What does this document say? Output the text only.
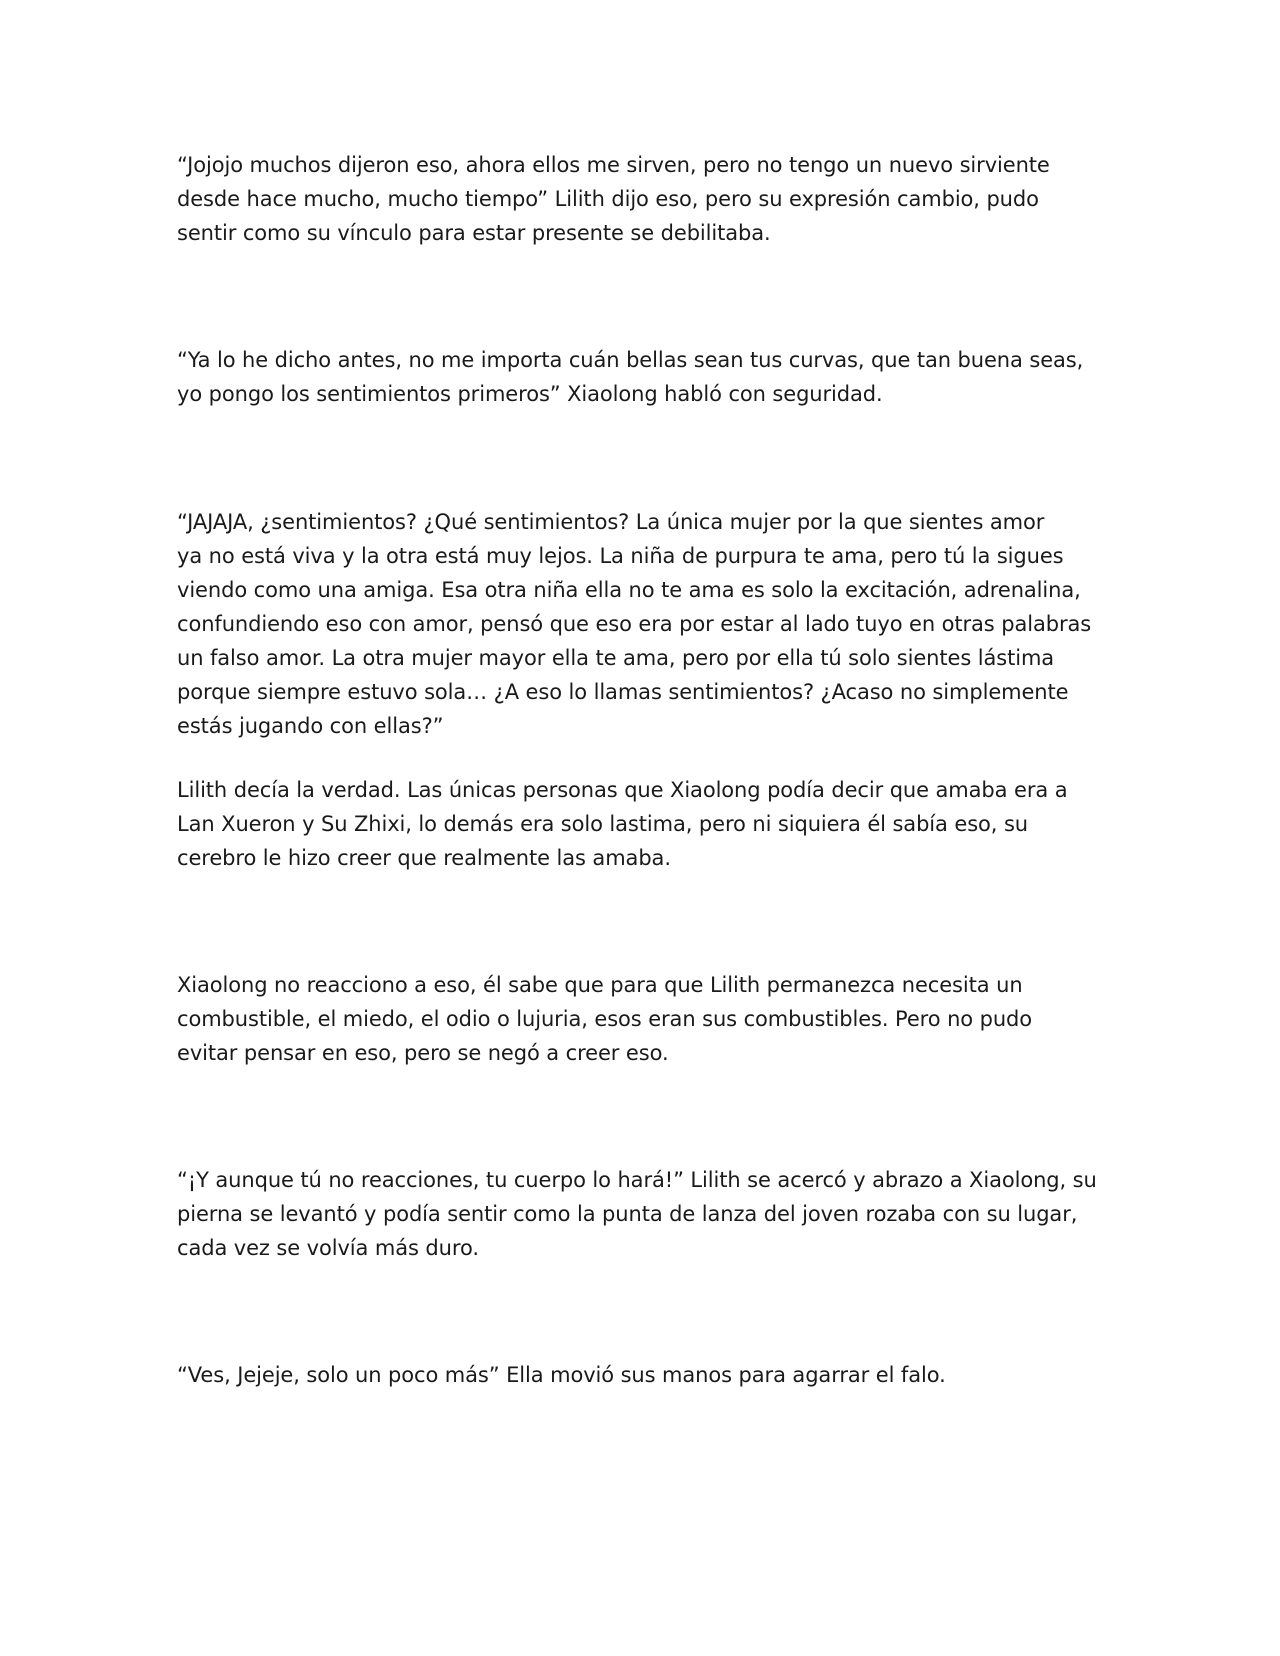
“Jojojo muchos dijeron eso, ahora ellos me sirven, pero no tengo un nuevo sirviente
desde hace mucho, mucho tiempo” Lilith dijo eso, pero su expresión cambio, pudo
sentir como su vínculo para estar presente se debilitaba.

“Ya lo he dicho antes, no me importa cuán bellas sean tus curvas, que tan buena seas,
yo pongo los sentimientos primeros” Xiaolong habló con seguridad.

“JAJAJA, ¿sentimientos? ¿Qué sentimientos? La única mujer por la que sientes amor
ya no está viva y la otra está muy lejos. La niña de purpura te ama, pero tú la sigues
viendo como una amiga. Esa otra niña ella no te ama es solo la excitación, adrenalina,
confundiendo eso con amor, pensó que eso era por estar al lado tuyo en otras palabras
un falso amor. La otra mujer mayor ella te ama, pero por ella tú solo sientes lástima
porque siempre estuvo sola… ¿A eso lo llamas sentimientos? ¿Acaso no simplemente
estás jugando con ellas?”

Lilith decía la verdad. Las únicas personas que Xiaolong podía decir que amaba era a
Lan Xueron y Su Zhixi, lo demás era solo lastima, pero ni siquiera él sabía eso, su
cerebro le hizo creer que realmente las amaba.

Xiaolong no reacciono a eso, él sabe que para que Lilith permanezca necesita un
combustible, el miedo, el odio o lujuria, esos eran sus combustibles. Pero no pudo
evitar pensar en eso, pero se negó a creer eso.

“¡Y aunque tú no reacciones, tu cuerpo lo hará!” Lilith se acercó y abrazo a Xiaolong, su
pierna se levantó y podía sentir como la punta de lanza del joven rozaba con su lugar,
cada vez se volvía más duro.

“Ves, Jejeje, solo un poco más” Ella movió sus manos para agarrar el falo.
